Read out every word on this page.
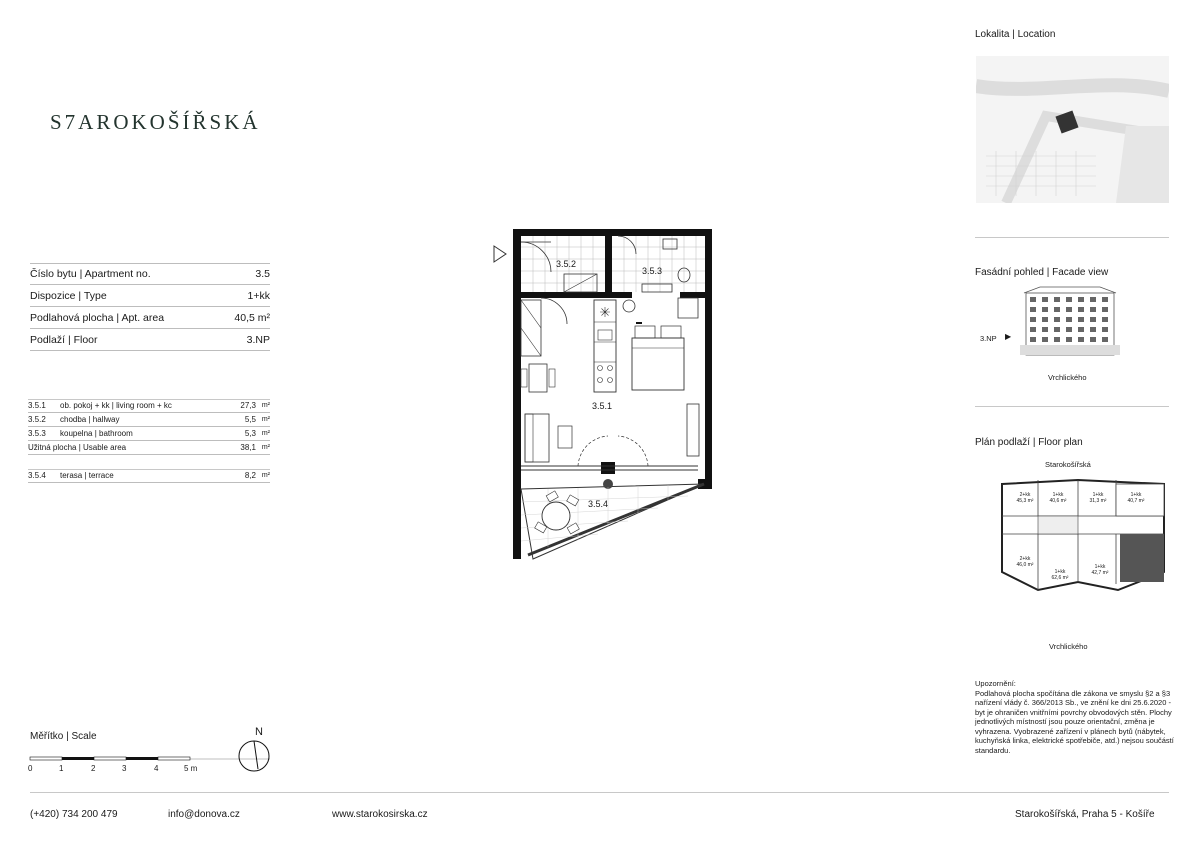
S7AROKOŠÍŘSKÁ
Číslo bytu | Apartment no.	3.5
Dispozice | Type	1+kk
Podlahová plocha | Apt. area	40,5 m²
Podlaží | Floor	3.NP
3.5.1	ob. pokoj + kk | living room + kc	27,3 m²
3.5.2	chodba | hallway	5,5 m²
3.5.3	koupelna | bathroom	5,3 m²
Užitná plocha | Usable area	38,1 m²
3.5.4	terasa | terrace	8,2 m²
3.5.2
3.5.3
3.5.1
3.5.4
Měřítko | Scale
0	1	2	3	4	5 m
N
Lokalita | Location
Fasádní pohled | Facade view
3.NP ▶
Vrchlického
Plán podlaží | Floor plan
Starokošířská
2+kk
45,3 m²
1+kk
40,6 m²
1+kk
31,3 m²
1+kk
40,7 m²
2+kk
46,0 m²
1+kk
62,6 m²
1+kk
42,7 m²
Vrchlického
Upozornění:
Podlahová plocha spočítána dle zákona ve smyslu §2 a §3 nařízení vlády č. 366/2013 Sb., ve znění ke dni 25.6.2020 - byt je ohraničen vnitřními povrchy obvodových stěn. Plochy jednotlivých místností jsou pouze orientační, změna je vyhrazena. Vyobrazené zařízení v plánech bytů (nábytek, kuchyňská linka, elektrické spotřebiče, atd.) nejsou součástí standardu.
(+420) 734 200 479	info@donova.cz	www.starokosirska.cz	Starokošířská, Praha 5 - Košíře
